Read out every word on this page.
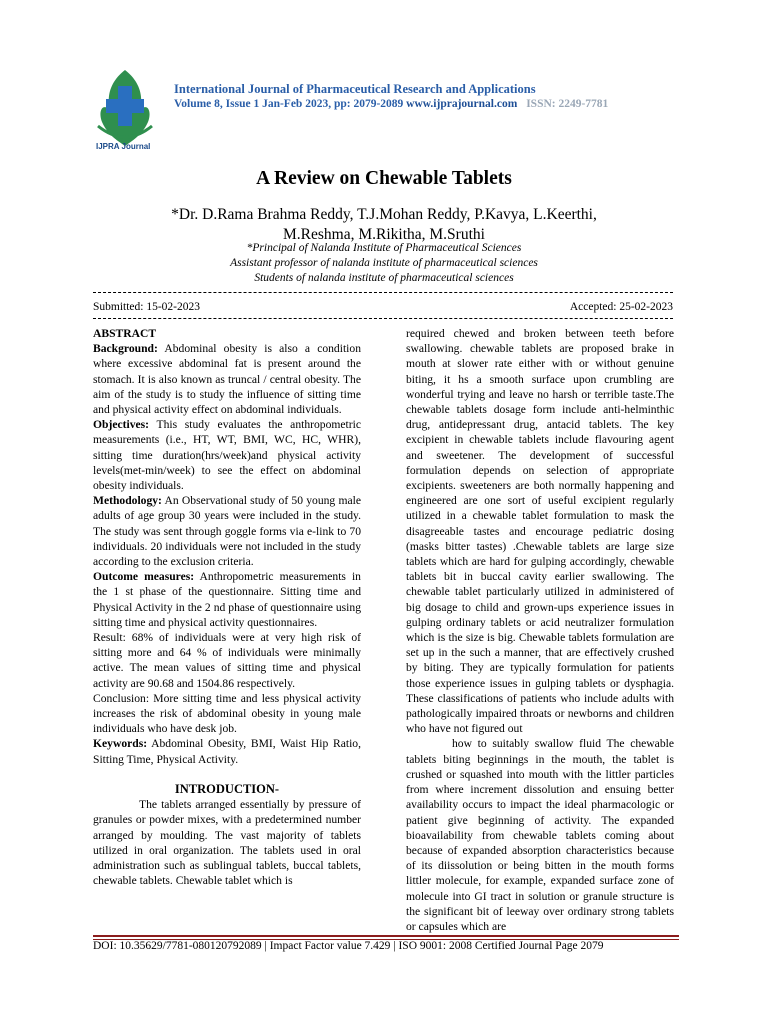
IJPRA Journal
International Journal of Pharmaceutical Research and Applications
Volume 8, Issue 1 Jan-Feb 2023, pp: 2079-2089 www.ijprajournal.com ISSN: 2249-7781
A Review on Chewable Tablets
*Dr. D.Rama Brahma Reddy, T.J.Mohan Reddy, P.Kavya, L.Keerthi,
M.Reshma, M.Rikitha, M.Sruthi
*Principal of Nalanda Institute of Pharmaceutical Sciences
Assistant professor of nalanda institute of pharmaceutical sciences
Students of nalanda institute of pharmaceutical sciences
Submitted: 15-02-2023	Accepted: 25-02-2023

ABSTRACT

Background: Abdominal obesity is also a condition where excessive abdominal fat is present around the stomach. It is also known as truncal / central obesity. The aim of the study is to study the influence of sitting time and physical activity effect on abdominal individuals.

Objectives: This study evaluates the anthropometric measurements (i.e., HT, WT, BMI, WC, HC, WHR), sitting time duration(hrs/week)and physical activity levels(met-min/week) to see the effect on abdominal obesity individuals.

Methodology: An Observational study of 50 young male adults of age group 30 years were included in the study. The study was sent through goggle forms via e-link to 70 individuals. 20 individuals were not included in the study according to the exclusion criteria.

Outcome measures: Anthropometric measurements in the 1 st phase of the questionnaire. Sitting time and Physical Activity in the 2 nd phase of questionnaire using sitting time and physical activity questionnaires.

Result: 68% of individuals were at very high risk of sitting more and 64 % of individuals were minimally active. The mean values of sitting time and physical activity are 90.68 and 1504.86 respectively.

Conclusion: More sitting time and less physical activity increases the risk of abdominal obesity in young male individuals who have desk job.

Keywords: Abdominal Obesity, BMI, Waist Hip Ratio, Sitting Time, Physical Activity.

INTRODUCTION-

The tablets arranged essentially by pressure of granules or powder mixes, with a predetermined number arranged by moulding. The vast majority of tablets utilized in oral organization. The tablets used in oral administration such as sublingual tablets, buccal tablets, chewable tablets. Chewable tablet which is

required chewed and broken between teeth before swallowing. chewable tablets are proposed brake in mouth at slower rate either with or without genuine biting, it hs a smooth surface upon crumbling are wonderful trying and leave no harsh or terrible taste.The chewable tablets dosage form include anti-helminthic drug, antidepressant drug, antacid tablets. The key excipient in chewable tablets include flavouring agent and sweetener. The development of successful formulation depends on selection of appropriate excipients. sweeteners are both normally happening and engineered are one sort of useful excipient regularly utilized in a chewable tablet formulation to mask the disagreeable tastes and encourage pediatric dosing (masks bitter tastes) .Chewable tablets are large size tablets which are hard for gulping accordingly, chewable tablets bit in buccal cavity earlier swallowing. The chewable tablet particularly utilized in administered of big dosage to child and grown-ups experience issues in gulping ordinary tablets or acid neutralizer formulation which is the size is big. Chewable tablets formulation are set up in the such a manner, that are effectively crushed by biting. They are typically formulation for patients those experience issues in gulping tablets or dysphagia. These classifications of patients who include adults with pathologically impaired throats or newborns and children who have not figured out

how to suitably swallow fluid The chewable tablets biting beginnings in the mouth, the tablet is crushed or squashed into mouth with the littler particles from where increment dissolution and ensuing better availability occurs to impact the ideal pharmacologic or patient give beginning of activity. The expanded bioavailability from chewable tablets coming about because of expanded absorption characteristics because of its diissolution or being bitten in the mouth forms littler molecule, for example, expanded surface zone of molecule into GI tract in solution or granule structure is the significant bit of leeway over ordinary strong tablets or capsules which are

DOI: 10.35629/7781-080120792089 | Impact Factor value 7.429 | ISO 9001: 2008 Certified Journal Page 2079
